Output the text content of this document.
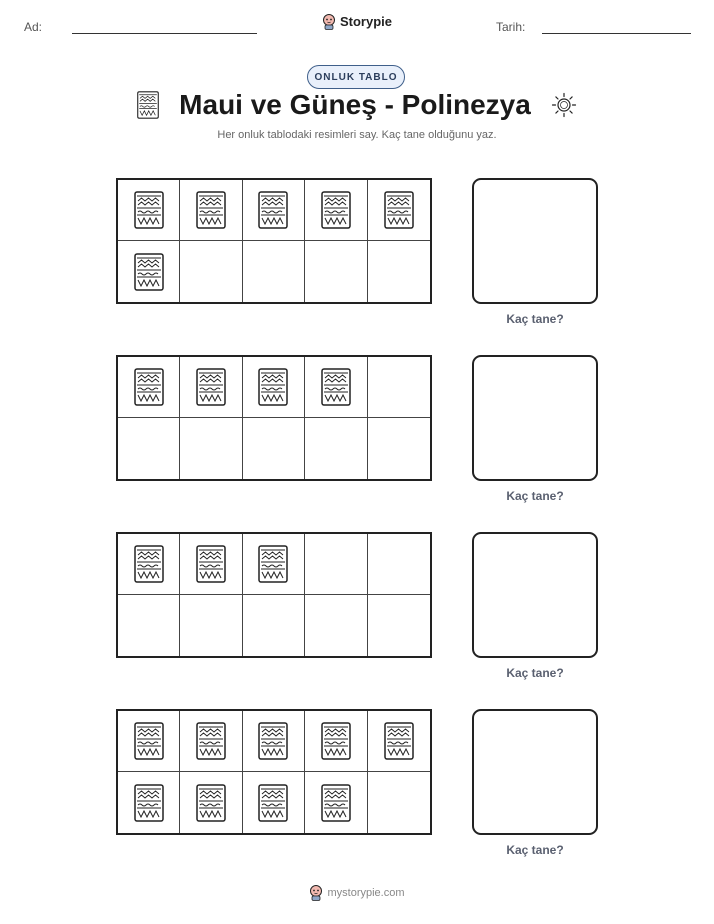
Ad:	Storypie	Tarih:
ONLUK TABLO
Maui ve Güneş - Polinezya
Her onluk tablodaki resimleri say. Kaç tane olduğunu yaz.
Kaç tane?
Kaç tane?
Kaç tane?
Kaç tane?
mystorypie.com
